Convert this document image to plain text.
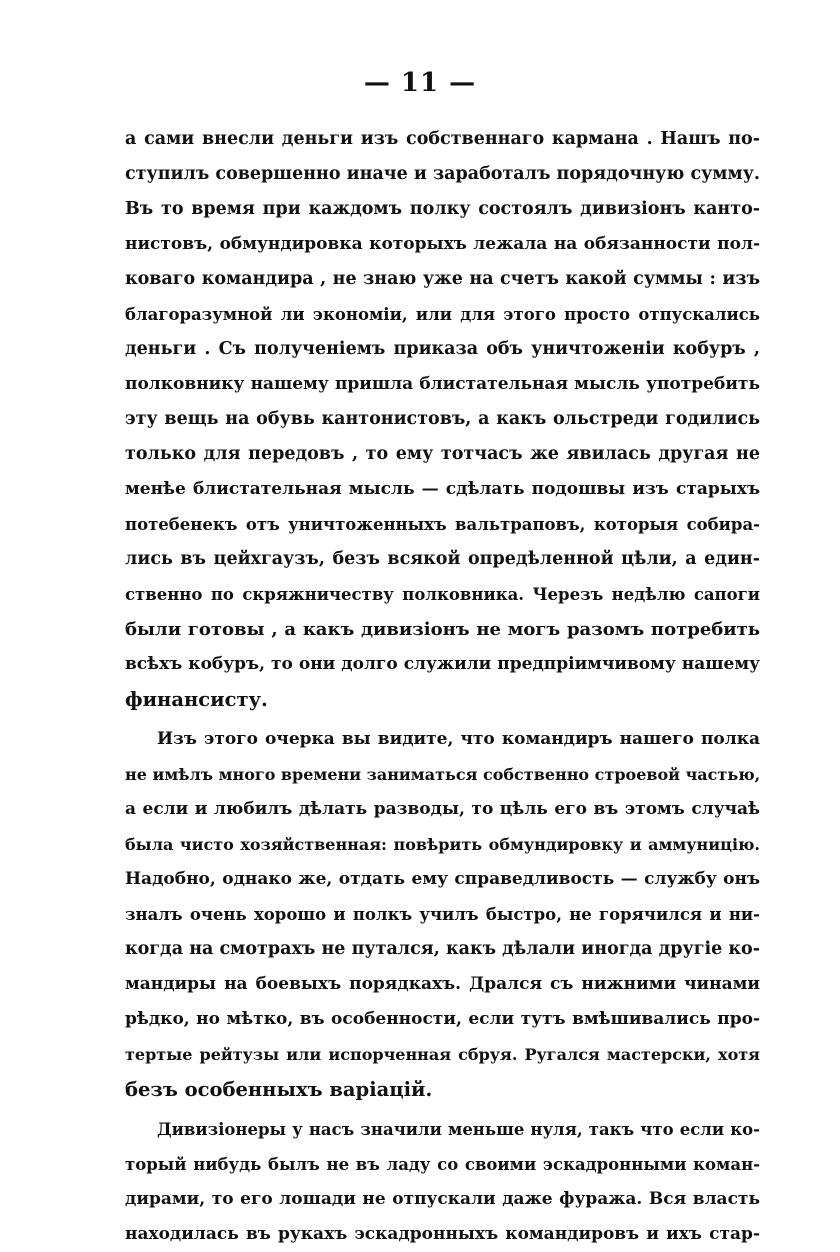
— 11 —
а сами внесли деньги изъ собственнаго кармана . Нашъ по-
ступилъ совершенно иначе и заработалъ порядочную сумму.
Въ то время при каждомъ полку состоялъ дивизіонъ канто-
нистовъ, обмундировка которыхъ лежала на обязанности пол-
коваго командира , не знаю уже на счетъ какой суммы : изъ
благоразумной ли экономіи, или для этого просто отпускались
деньги . Съ полученіемъ приказа объ уничтоженіи кобуръ ,
полковнику нашему пришла блистательная мысль употребить
эту вещь на обувь кантонистовъ, а какъ ольстреди годились
только для передовъ , то ему тотчасъ же явилась другая не
менѣе блистательная мысль — сдѣлать подошвы изъ старыхъ
потебенекъ отъ уничтоженныхъ вальтраповъ, которыя собира-
лись въ цейхгаузъ, безъ всякой опредѣленной цѣли, а един-
ственно по скряжничеству полковника. Черезъ недѣлю сапоги
были готовы , а какъ дивизіонъ не могъ разомъ потребить
всѣхъ кобуръ, то они долго служили предпріимчивому нашему
финансисту.
Изъ этого очерка вы видите, что командиръ нашего полка
не имѣлъ много времени заниматься собственно строевой частью,
а если и любилъ дѣлать разводы, то цѣль его въ этомъ случаѣ
была чисто хозяйственная: повѣрить обмундировку и аммуницію.
Надобно, однако же, отдать ему справедливость — службу онъ
зналъ очень хорошо и полкъ училъ быстро, не горячился и ни-
когда на смотрахъ не путался, какъ дѣлали иногда другіе ко-
мандиры на боевыхъ порядкахъ. Дрался съ нижними чинами
рѣдко, но мѣтко, въ особенности, если тутъ вмѣшивались про-
тертые рейтузы или испорченная сбруя. Ругался мастерски, хотя
безъ особенныхъ варіацій.
Дивизіонеры у насъ значили меньше нуля, такъ что если ко-
торый нибудь былъ не въ ладу со своими эскадронными коман-
дирами, то его лошади не отпускали даже фуража. Вся власть
находилась въ рукахъ эскадронныхъ командировъ и ихъ стар-
